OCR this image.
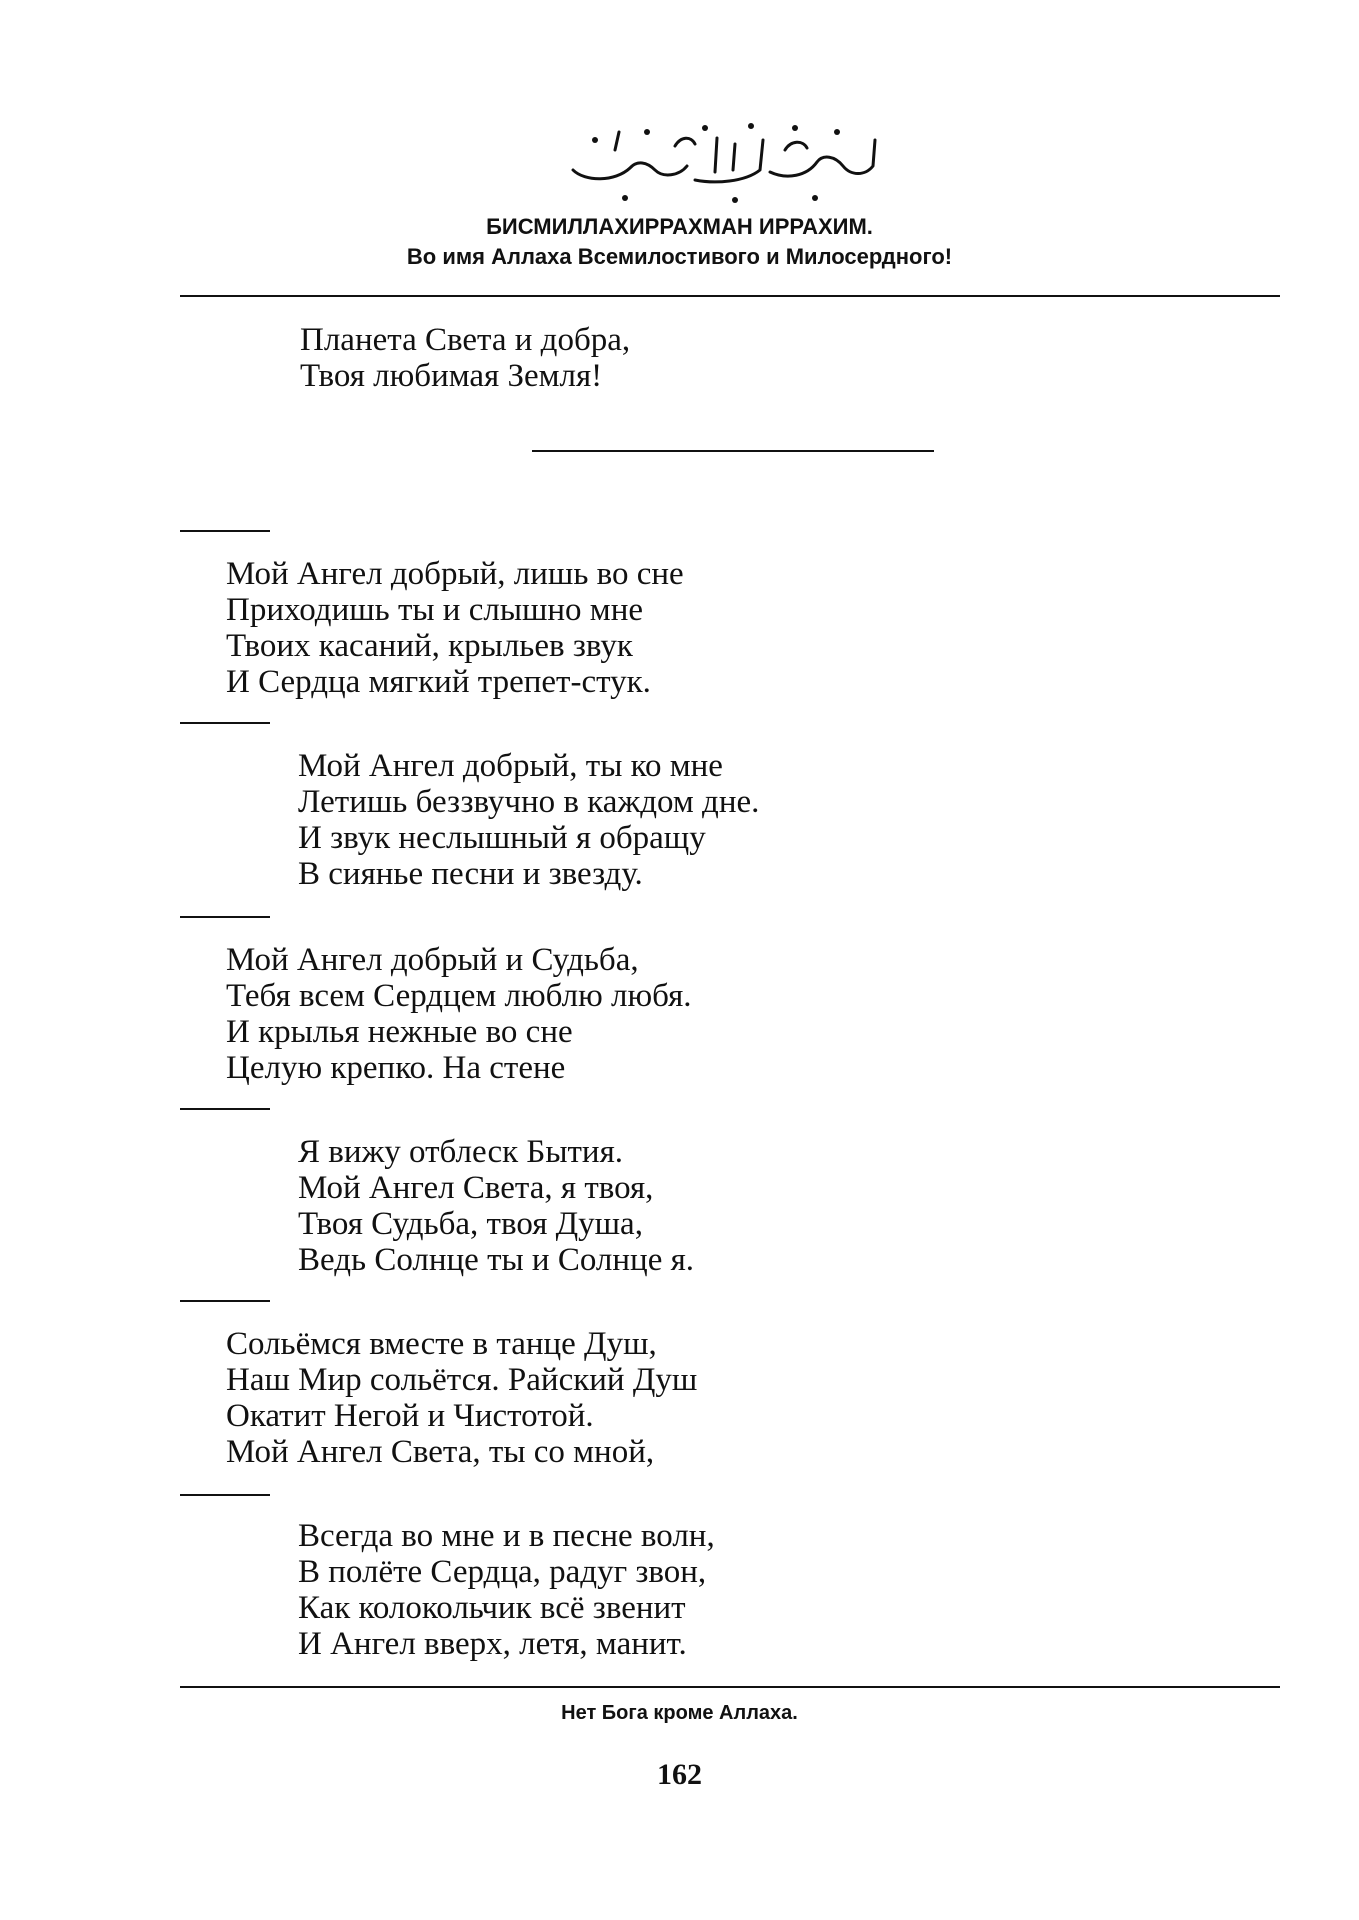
БИСМИЛЛАХИРРАХМАН ИРРАХИМ.
Во имя Аллаха Всемилостивого и Милосердного!
Планета Света и добра,
Твоя любимая Земля!
Мой Ангел добрый, лишь во сне
Приходишь ты и слышно мне
Твоих касаний, крыльев звук
И Сердца мягкий трепет-стук.
Мой Ангел добрый, ты ко мне
Летишь беззвучно в каждом дне.
И звук неслышный я обращу
В сиянье песни и звезду.
Мой Ангел добрый и Судьба,
Тебя всем Сердцем люблю любя.
И крылья нежные во сне
Целую крепко. На стене
Я вижу отблеск Бытия.
Мой Ангел Света, я твоя,
Твоя Судьба, твоя Душа,
Ведь Солнце ты и Солнце я.
Сольёмся вместе в танце Душ,
Наш Мир сольётся. Райский Душ
Окатит Негой и Чистотой.
Мой Ангел Света, ты со мной,
Всегда во мне и в песне волн,
В полёте Сердца, радуг звон,
Как колокольчик всё звенит
И Ангел вверх, летя, манит.
Нет Бога кроме Аллаха.
162
